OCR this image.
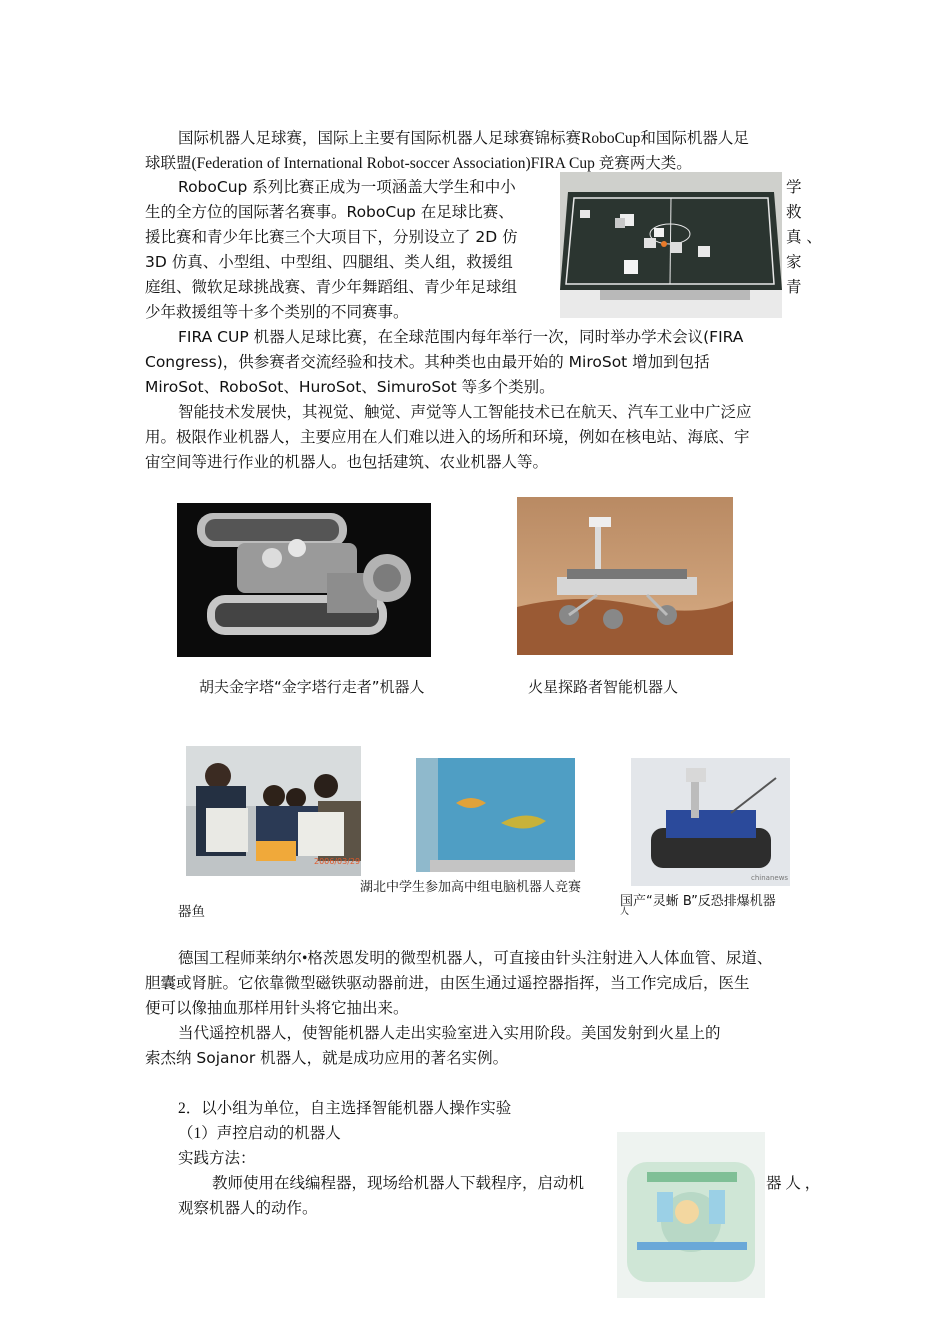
国际机器人足球赛，国际上主要有国际机器人足球赛锦标赛RoboCup和国际机器人足
球联盟(Federation of International Robot-soccer Association)FIRA Cup 竞赛两大类。
RoboCup 系列比赛正成为一项涵盖大学生和中小	学
生的全方位的国际著名赛事。RoboCup 在足球比赛、	救
援比赛和青少年比赛三个大项目下，分别设立了 2D 仿	真 、
3D 仿真、小型组、中型组、四腿组、类人组，救援组	家
庭组、微软足球挑战赛、青少年舞蹈组、青少年足球组	青
少年救援组等十多个类别的不同赛事。
FIRA CUP 机器人足球比赛，在全球范围内每年举行一次，同时举办学术会议(FIRA
Congress)，供参赛者交流经验和技术。其种类也由最开始的 MiroSot 增加到包括
MiroSot、RoboSot、HuroSot、SimuroSot 等多个类别。
智能技术发展快，其视觉、触觉、声觉等人工智能技术已在航天、汽车工业中广泛应
用。极限作业机器人，主要应用在人们难以进入的场所和环境，例如在核电站、海底、宇
宙空间等进行作业的机器人。也包括建筑、农业机器人等。
胡夫金字塔“金字塔行走者”机器人	火星探路者智能机器人
2006/03/29
chinanews
湖北中学生参加高中组电脑机器人竞赛
国产“灵蜥 B”反恐排爆机器
人
器鱼
德国工程师莱纳尔•格茨恩发明的微型机器人，可直接由针头注射进入人体血管、尿道、
胆囊或肾脏。它依靠微型磁铁驱动器前进，由医生通过遥控器指挥，当工作完成后，医生
便可以像抽血那样用针头将它抽出来。
当代遥控机器人，使智能机器人走出实验室进入实用阶段。美国发射到火星上的
索杰纳 Sojanor 机器人，就是成功应用的著名实例。
2．以小组为单位，自主选择智能机器人操作实验
（1）声控启动的机器人
实践方法：
教师使用在线编程器，现场给机器人下载程序，启动机	器 人 ，
观察机器人的动作。
